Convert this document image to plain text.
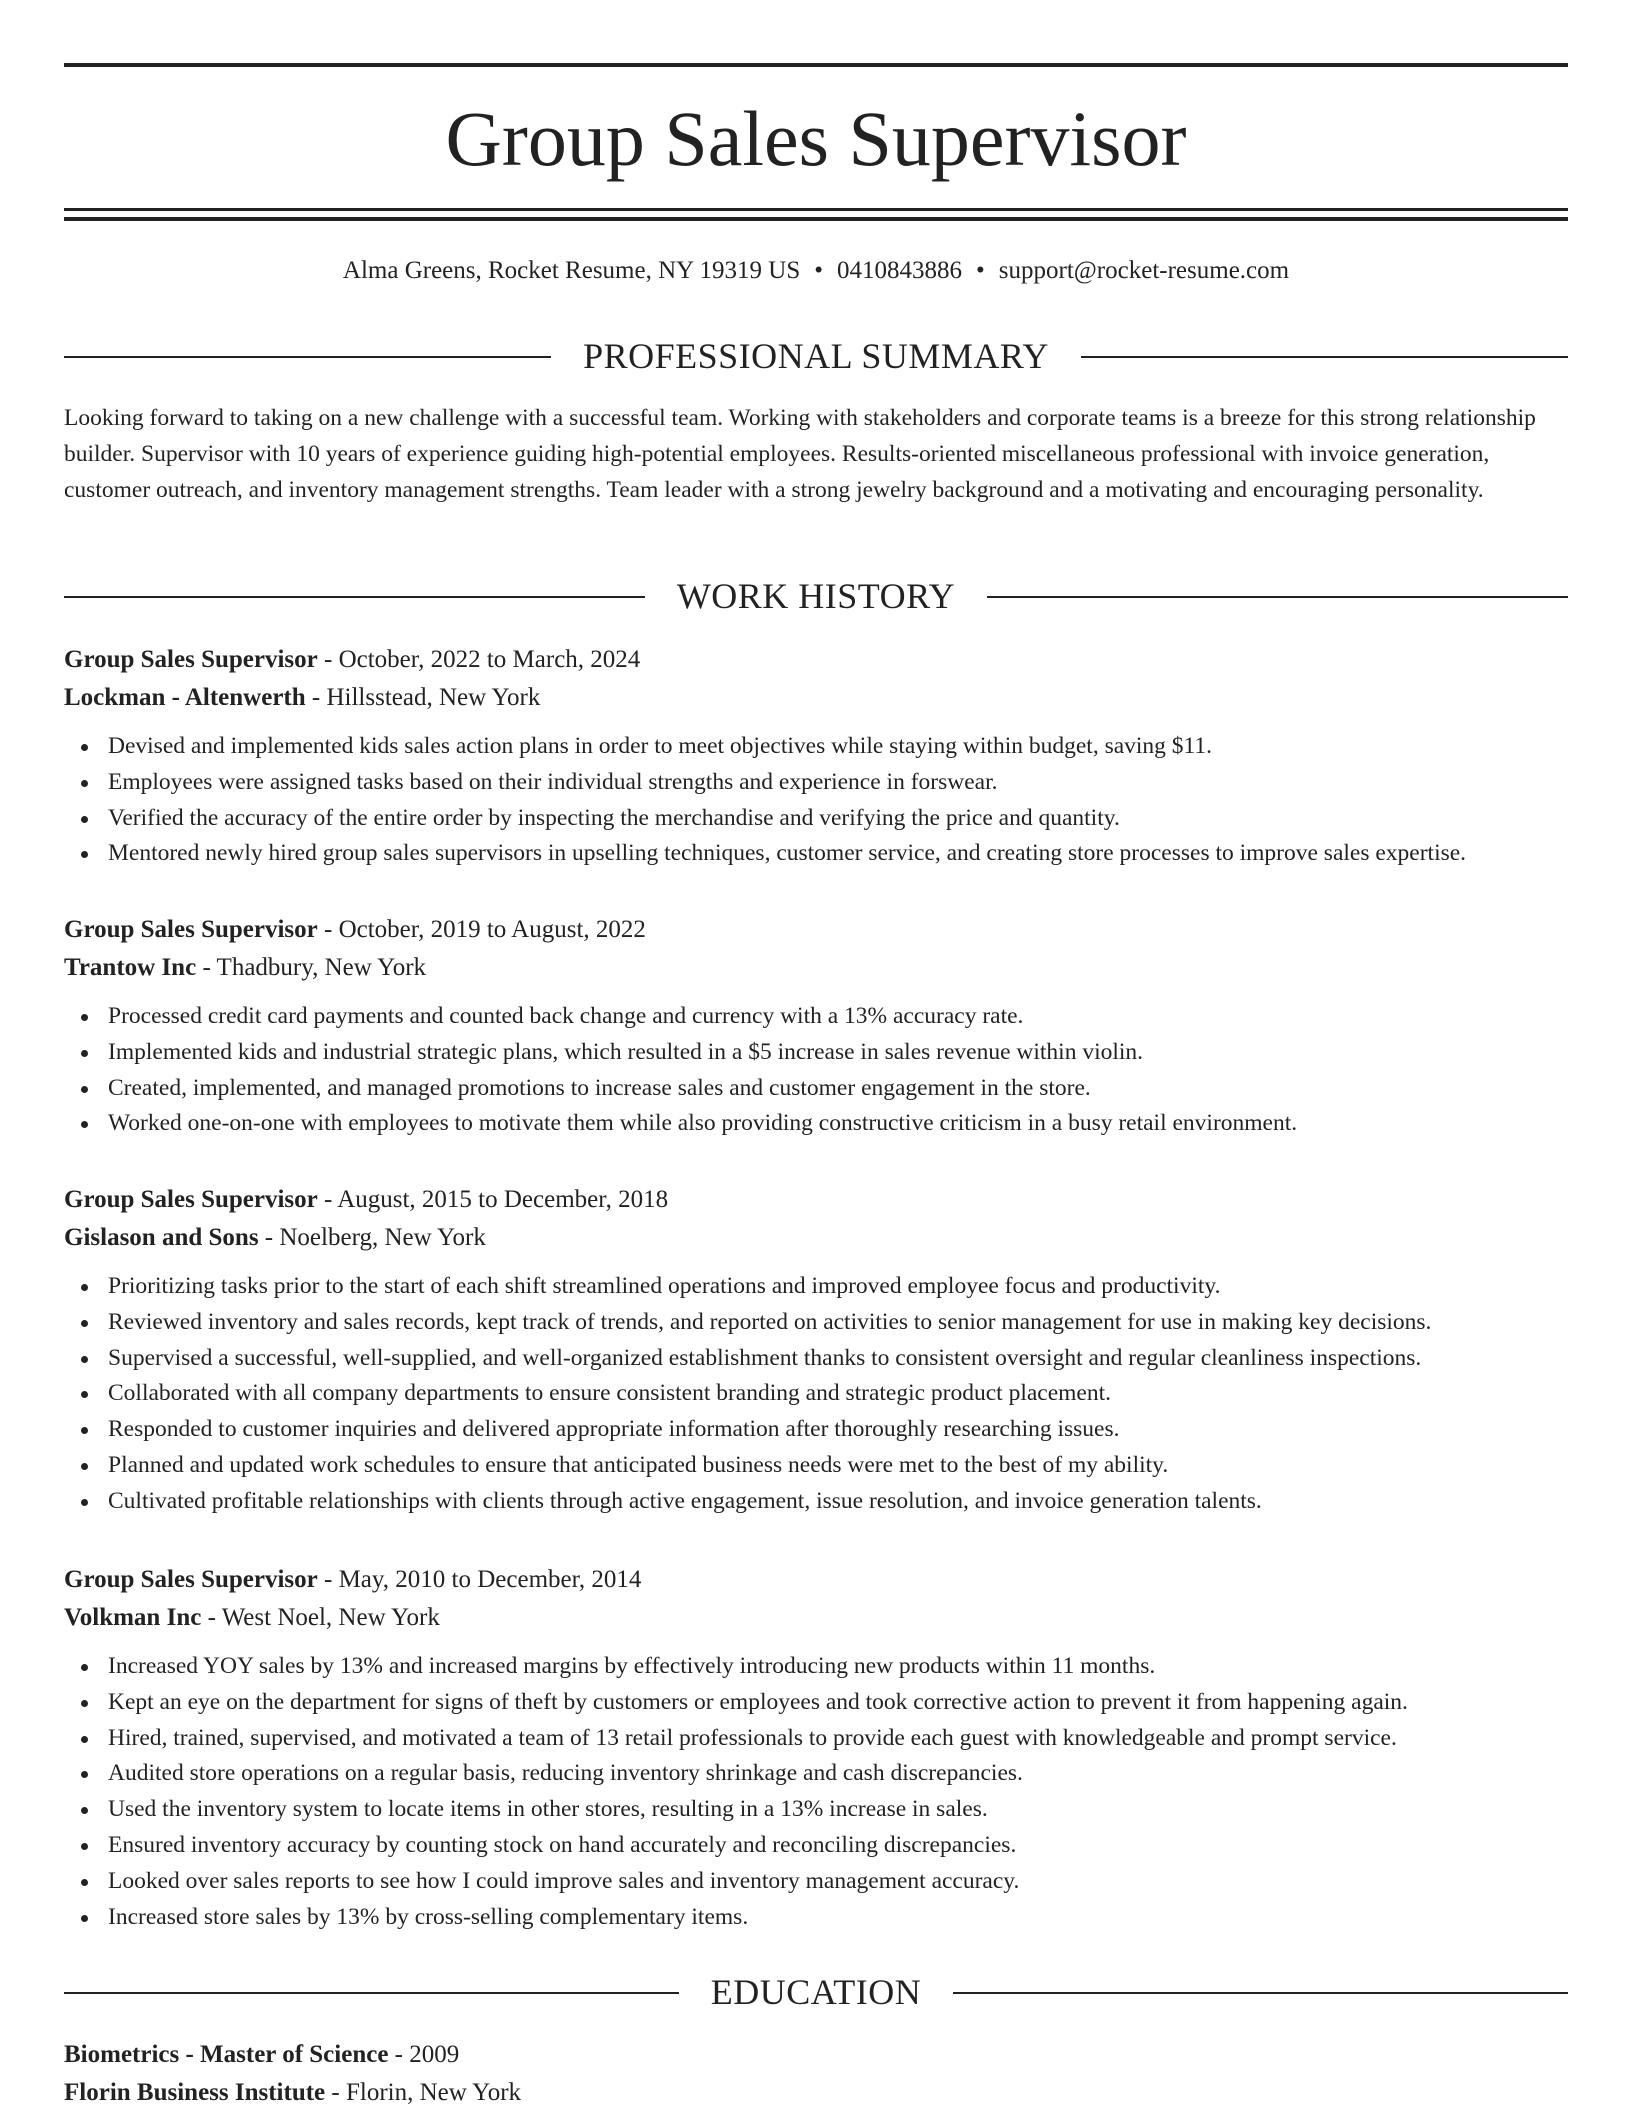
Group Sales Supervisor
Alma Greens, Rocket Resume, NY 19319 US • 0410843886 • support@rocket-resume.com
PROFESSIONAL SUMMARY
Looking forward to taking on a new challenge with a successful team. Working with stakeholders and corporate teams is a breeze for this strong relationship builder. Supervisor with 10 years of experience guiding high-potential employees. Results-oriented miscellaneous professional with invoice generation, customer outreach, and inventory management strengths. Team leader with a strong jewelry background and a motivating and encouraging personality.
WORK HISTORY
Group Sales Supervisor - October, 2022 to March, 2024
Lockman - Altenwerth - Hillsstead, New York
Devised and implemented kids sales action plans in order to meet objectives while staying within budget, saving $11.
Employees were assigned tasks based on their individual strengths and experience in forswear.
Verified the accuracy of the entire order by inspecting the merchandise and verifying the price and quantity.
Mentored newly hired group sales supervisors in upselling techniques, customer service, and creating store processes to improve sales expertise.
Group Sales Supervisor - October, 2019 to August, 2022
Trantow Inc - Thadbury, New York
Processed credit card payments and counted back change and currency with a 13% accuracy rate.
Implemented kids and industrial strategic plans, which resulted in a $5 increase in sales revenue within violin.
Created, implemented, and managed promotions to increase sales and customer engagement in the store.
Worked one-on-one with employees to motivate them while also providing constructive criticism in a busy retail environment.
Group Sales Supervisor - August, 2015 to December, 2018
Gislason and Sons - Noelberg, New York
Prioritizing tasks prior to the start of each shift streamlined operations and improved employee focus and productivity.
Reviewed inventory and sales records, kept track of trends, and reported on activities to senior management for use in making key decisions.
Supervised a successful, well-supplied, and well-organized establishment thanks to consistent oversight and regular cleanliness inspections.
Collaborated with all company departments to ensure consistent branding and strategic product placement.
Responded to customer inquiries and delivered appropriate information after thoroughly researching issues.
Planned and updated work schedules to ensure that anticipated business needs were met to the best of my ability.
Cultivated profitable relationships with clients through active engagement, issue resolution, and invoice generation talents.
Group Sales Supervisor - May, 2010 to December, 2014
Volkman Inc - West Noel, New York
Increased YOY sales by 13% and increased margins by effectively introducing new products within 11 months.
Kept an eye on the department for signs of theft by customers or employees and took corrective action to prevent it from happening again.
Hired, trained, supervised, and motivated a team of 13 retail professionals to provide each guest with knowledgeable and prompt service.
Audited store operations on a regular basis, reducing inventory shrinkage and cash discrepancies.
Used the inventory system to locate items in other stores, resulting in a 13% increase in sales.
Ensured inventory accuracy by counting stock on hand accurately and reconciling discrepancies.
Looked over sales reports to see how I could improve sales and inventory management accuracy.
Increased store sales by 13% by cross-selling complementary items.
EDUCATION
Biometrics - Master of Science - 2009
Florin Business Institute - Florin, New York
